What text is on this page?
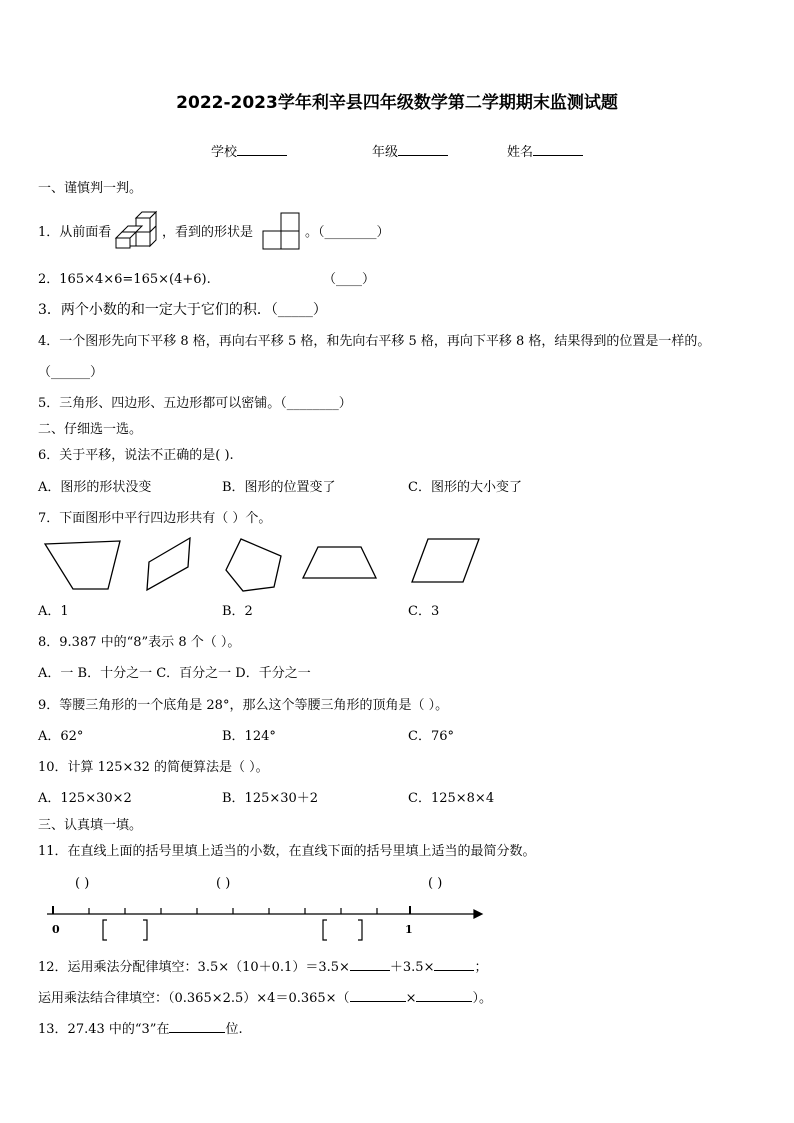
2022-2023学年利辛县四年级数学第二学期期末监测试题
学校	年级	姓名
一、谨慎判一判。
1．从前面看	，看到的形状是	。（________）
2．165×4×6=165×(4+6).	（____）
3．两个小数的和一定大于它们的积．（_____）
4．一个图形先向下平移 8 格，再向右平移 5 格，和先向右平移 5 格，再向下平移 8 格，结果得到的位置是一样的。
（______）
5．三角形、四边形、五边形都可以密铺。（________）
二、仔细选一选。
6．关于平移，说法不正确的是( ).
A．图形的形状没变	B．图形的位置变了	C．图形的大小变了
7．下面图形中平行四边形共有（ ）个。
A．1	B．2	C．3
8．9.387 中的“8”表示 8 个（ ）。
A．一 B．十分之一 C．百分之一 D．千分之一
9．等腰三角形的一个底角是 28°，那么这个等腰三角形的顶角是（ ）。
A．62°	B．124°	C．76°
10．计算 125×32 的简便算法是（ ）。
A．125×30×2	B．125×30＋2	C．125×8×4
三、认真填一填。
11．在直线上面的括号里填上适当的小数，在直线下面的括号里填上适当的最简分数。
( )	( )	( )
0	1
12．运用乘法分配律填空：3.5×（10＋0.1）＝3.5×	＋3.5×	；
运用乘法结合律填空：（0.365×2.5）×4＝0.365×（	×	）。
13．27.43 中的“3”在	位.
